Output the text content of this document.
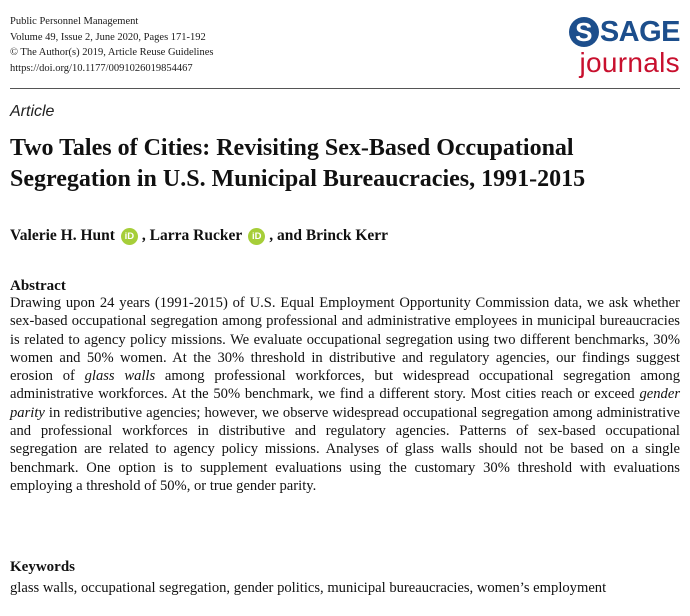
Public Personnel Management
Volume 49, Issue 2, June 2020, Pages 171-192
© The Author(s) 2019, Article Reuse Guidelines
https://doi.org/10.1177/0091026019854467
S SAGE
journals
Article
Two Tales of Cities: Revisiting Sex-Based Occupational Segregation in U.S. Municipal Bureaucracies, 1991-2015
Valerie H. Hunt	iD , Larra Rucker	iD , and Brinck Kerr
Abstract
Drawing upon 24 years (1991-2015) of U.S. Equal Employment Opportunity Commission data, we ask whether sex-based occupational segregation among professional and administrative employees in municipal bureaucracies is related to agency policy missions. We evaluate occupational segregation using two different benchmarks, 30% women and 50% women. At the 30% threshold in distributive and regulatory agencies, our findings suggest erosion of glass walls among professional workforces, but widespread occupational segregation among administrative workforces. At the 50% benchmark, we find a different story. Most cities reach or exceed gender parity in redistributive agencies; however, we observe widespread occupational segregation among administrative and professional workforces in distributive and regulatory agencies. Patterns of sex-based occupational segregation are related to agency policy missions. Analyses of glass walls should not be based on a single benchmark. One option is to supplement evaluations using the customary 30% threshold with evaluations employing a threshold of 50%, or true gender parity.
Keywords
glass walls, occupational segregation, gender politics, municipal bureaucracies, women’s employment
